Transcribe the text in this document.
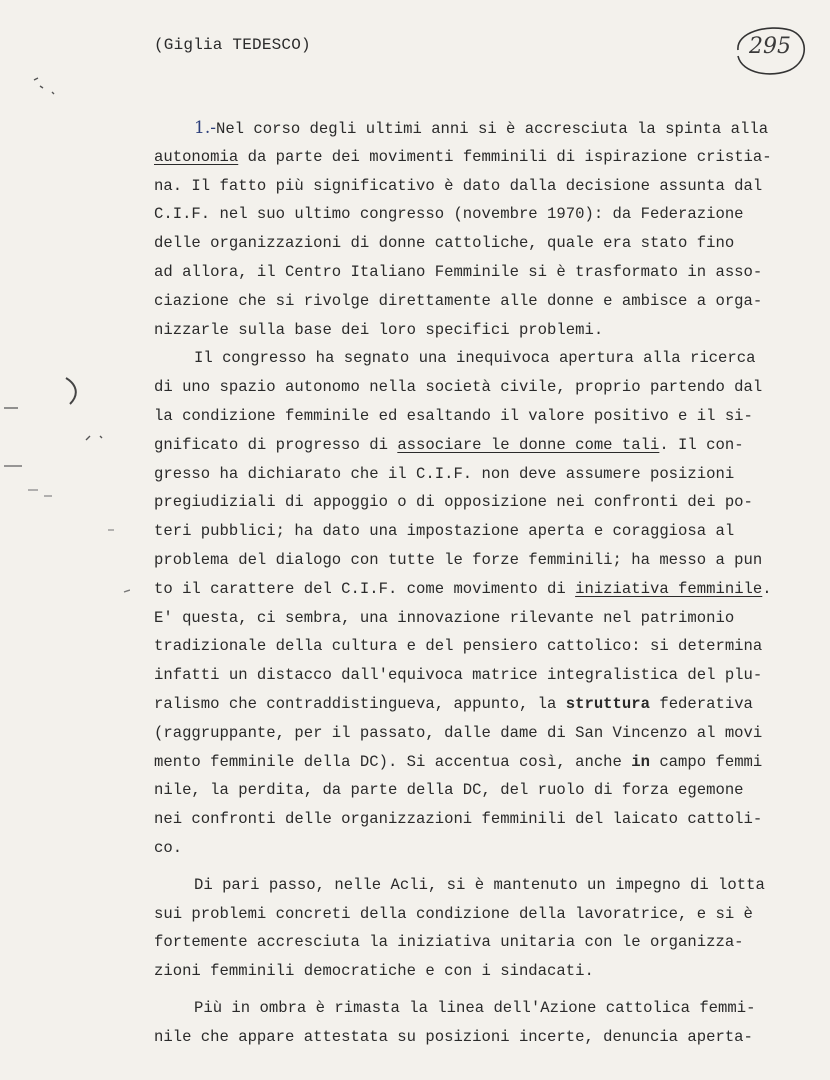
(Giglia TEDESCO)	295
1.-Nel corso degli ultimi anni si è accresciuta la spinta alla
autonomia da parte dei movimenti femminili di ispirazione cristia-
na. Il fatto più significativo è dato dalla decisione assunta dal
C.I.F. nel suo ultimo congresso (novembre 1970): da Federazione
delle organizzazioni di donne cattoliche, quale era stato fino
ad allora, il Centro Italiano Femminile si è trasformato in asso-
ciazione che si rivolge direttamente alle donne e ambisce a orga-
nizzarle sulla base dei loro specifici problemi.
Il congresso ha segnato una inequivoca apertura alla ricerca
di uno spazio autonomo nella società civile, proprio partendo dal
la condizione femminile ed esaltando il valore positivo e il si-
gnificato di progresso di associare le donne come tali. Il con-
gresso ha dichiarato che il C.I.F. non deve assumere posizioni
pregiudiziali di appoggio o di opposizione nei confronti dei po-
teri pubblici; ha dato una impostazione aperta e coraggiosa al
problema del dialogo con tutte le forze femminili; ha messo a pun
to il carattere del C.I.F. come movimento di iniziativa femminile.
E' questa, ci sembra, una innovazione rilevante nel patrimonio
tradizionale della cultura e del pensiero cattolico: si determina
infatti un distacco dall'equivoca matrice integralistica del plu-
ralismo che contraddistingueva, appunto, la struttura federativa
(raggruppante, per il passato, dalle dame di San Vincenzo al movi
mento femminile della DC). Si accentua così, anche in campo femmi
nile, la perdita, da parte della DC, del ruolo di forza egemone
nei confronti delle organizzazioni femminili del laicato cattoli-
co.
Di pari passo, nelle Acli, si è mantenuto un impegno di lotta
sui problemi concreti della condizione della lavoratrice, e si è
fortemente accresciuta la iniziativa unitaria con le organizza-
zioni femminili democratiche e con i sindacati.
Più in ombra è rimasta la linea dell'Azione cattolica femmi-
nile che appare attestata su posizioni incerte, denuncia aperta-
